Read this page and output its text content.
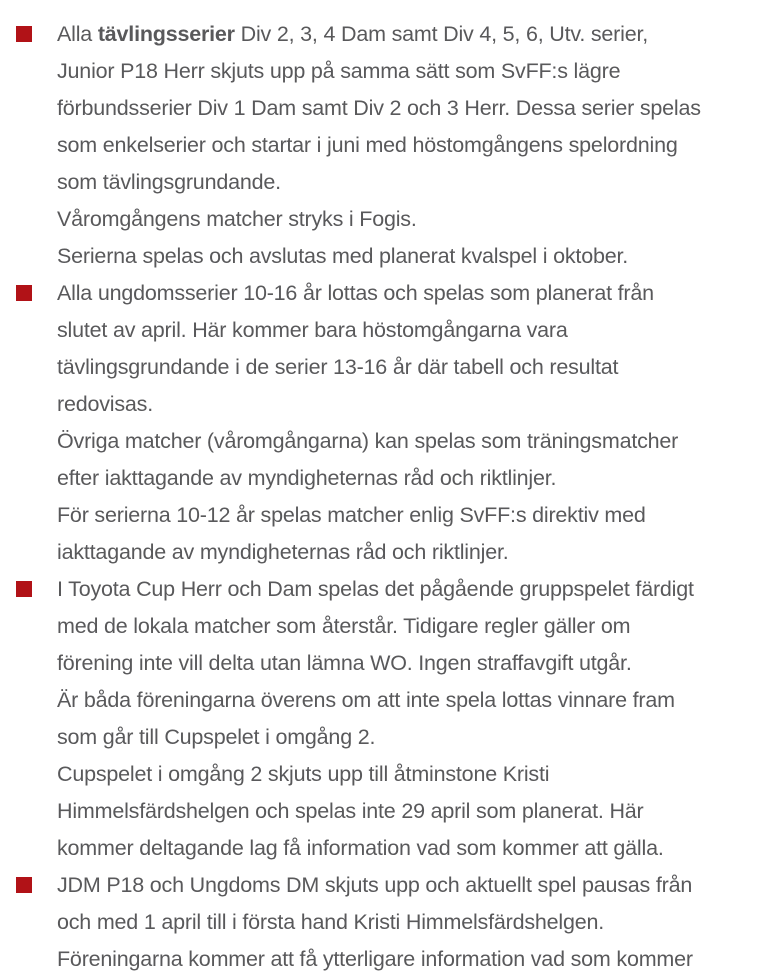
Alla tävlingsserier Div 2, 3, 4 Dam samt Div 4, 5, 6, Utv. serier,
Junior P18 Herr skjuts upp på samma sätt som SvFF:s lägre
förbundsserier Div 1 Dam samt Div 2 och 3 Herr. Dessa serier spelas
som enkelserier och startar i juni med höstomgångens spelordning
som tävlingsgrundande.
Våromgångens matcher stryks i Fogis.
Serierna spelas och avslutas med planerat kvalspel i oktober.
Alla ungdomsserier 10-16 år lottas och spelas som planerat från
slutet av april. Här kommer bara höstomgångarna vara
tävlingsgrundande i de serier 13-16 år där tabell och resultat
redovisas.
Övriga matcher (våromgångarna) kan spelas som träningsmatcher
efter iakttagande av myndigheternas råd och riktlinjer.
För serierna 10-12 år spelas matcher enlig SvFF:s direktiv med
iakttagande av myndigheternas råd och riktlinjer.
I Toyota Cup Herr och Dam spelas det pågående gruppspelet färdigt
med de lokala matcher som återstår. Tidigare regler gäller om
förening inte vill delta utan lämna WO. Ingen straffavgift utgår.
Är båda föreningarna överens om att inte spela lottas vinnare fram
som går till Cupspelet i omgång 2.
Cupspelet i omgång 2 skjuts upp till åtminstone Kristi
Himmelsfärdshelgen och spelas inte 29 april som planerat. Här
kommer deltagande lag få information vad som kommer att gälla.
JDM P18 och Ungdoms DM skjuts upp och aktuellt spel pausas från
och med 1 april till i första hand Kristi Himmelsfärdshelgen.
Föreningarna kommer att få ytterligare information vad som kommer
